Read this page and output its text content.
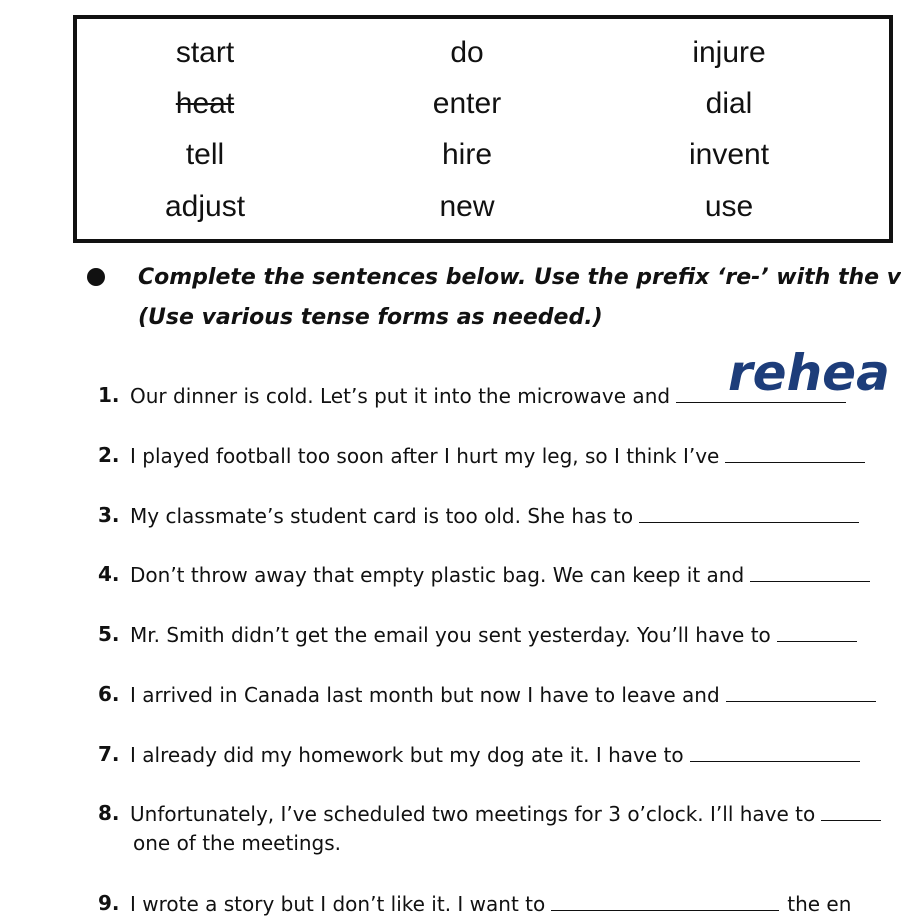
start	do	injure
heat	enter	dial
tell	hire	invent
adjust	new	use
Complete the sentences below. Use the prefix ‘re-’ with the v
(Use various tense forms as needed.)
1. Our dinner is cold. Let’s put it into the microwave and	rehea
2. I played football too soon after I hurt my leg, so I think I’ve
3. My classmate’s student card is too old. She has to
4. Don’t throw away that empty plastic bag. We can keep it and
5. Mr. Smith didn’t get the email you sent yesterday. You’ll have to
6. I arrived in Canada last month but now I have to leave and
7. I already did my homework but my dog ate it. I have to
8. Unfortunately, I’ve scheduled two meetings for 3 o’clock. I’ll have to
one of the meetings.
9. I wrote a story but I don’t like it. I want to	the en
